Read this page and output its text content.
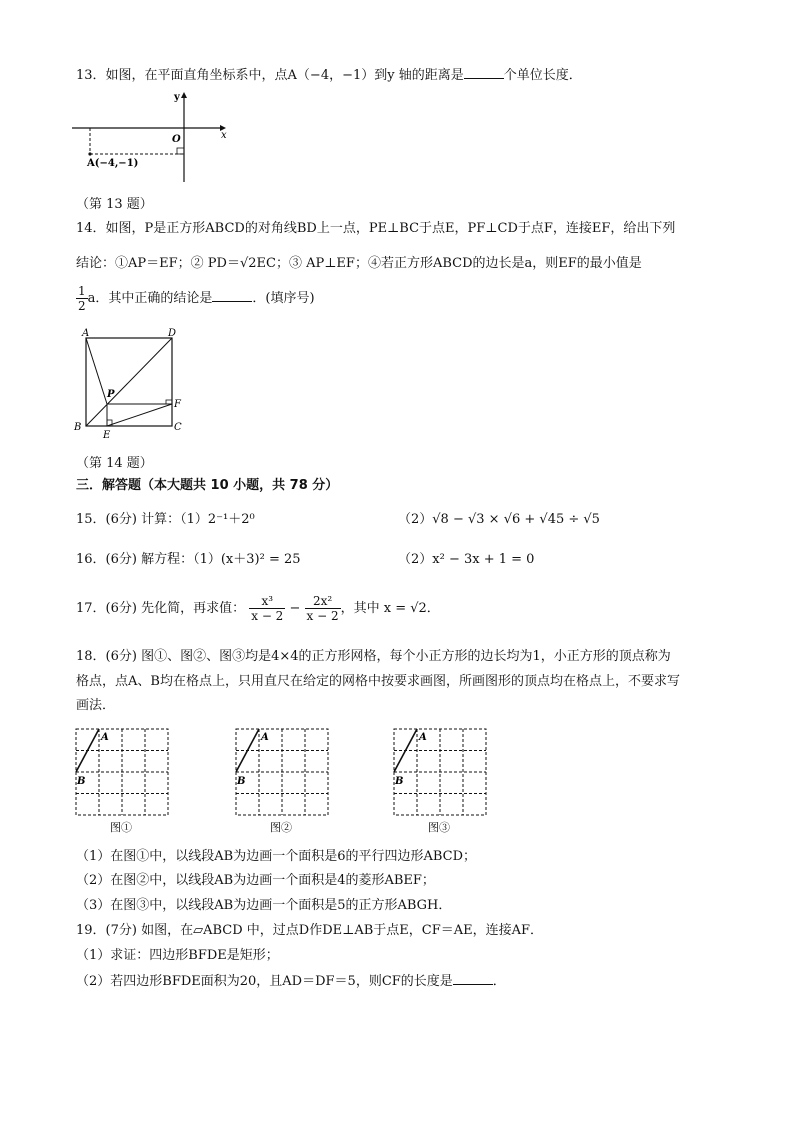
13．如图，在平面直角坐标系中，点A（−4，−1）到y 轴的距离是	个单位长度．
y
x
O
A(−4,−1)
（第 13 题）
14．如图，P是正方形ABCD的对角线BD上一点，PE⊥BC于点E，PF⊥CD于点F，连接EF，给出下列
结论：①AP＝EF；② PD＝√2EC；③ AP⊥EF；④若正方形ABCD的边长是a，则EF的最小值是
$\frac{1}{2}$ a．其中正确的结论是	．(填序号)
A	D
B	C
P
E
F
（第 14 题）
三．解答题（本大题共 10 小题，共 78 分）
15．(6分) 计算：（1）2⁻¹＋2⁰	（2）√8 − √3 × √6 + √45 ÷ √5
16．(6分) 解方程：（1）(x＋3)² = 25	（2）x² − 3x + 1 = 0
17．(6分) 先化简，再求值： $\frac{\text{x³}}{x - 2} - \frac{\text{2x²}}{x - 2}$ ，其中 x = √2．
18．(6分) 图①、图②、图③均是4×4的正方形网格，每个小正方形的边长均为1，小正方形的顶点称为
格点，点A、B均在格点上，只用直尺在给定的网格中按要求画图，所画图形的顶点均在格点上，不要求写
画法．
A
B
图①
A
B
图②
A
B
图③
（1）在图①中，以线段AB为边画一个面积是6的平行四边形ABCD；
（2）在图②中，以线段AB为边画一个面积是4的菱形ABEF；
（3）在图③中，以线段AB为边画一个面积是5的正方形ABGH．
19．(7分) 如图，在▱ABCD 中，过点D作DE⊥AB于点E，CF＝AE，连接AF．
（1）求证：四边形BFDE是矩形；
（2）若四边形BFDE面积为20，且AD＝DF＝5，则CF的长度是	．
